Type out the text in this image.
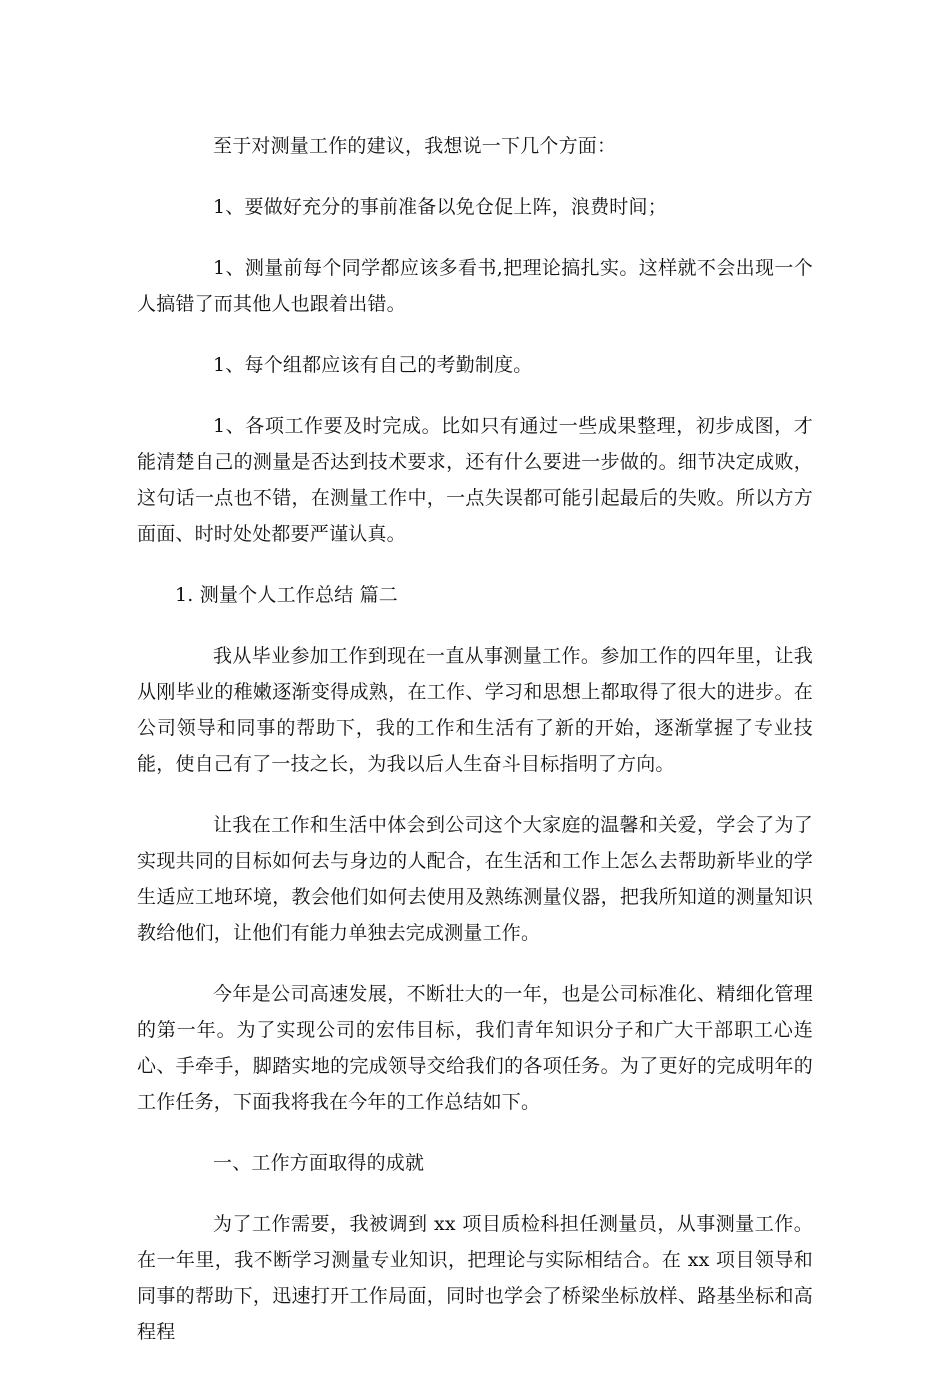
至于对测量工作的建议，我想说一下几个方面：

1、要做好充分的事前准备以免仓促上阵，浪费时间；

1、测量前每个同学都应该多看书,把理论搞扎实。这样就不会出现一个人搞错了而其他人也跟着出错。

1、每个组都应该有自己的考勤制度。

1、各项工作要及时完成。比如只有通过一些成果整理，初步成图，才能清楚自己的测量是否达到技术要求，还有什么要进一步做的。细节决定成败，这句话一点也不错，在测量工作中，一点失误都可能引起最后的失败。所以方方面面、时时处处都要严谨认真。

1. 测量个人工作总结 篇二

我从毕业参加工作到现在一直从事测量工作。参加工作的四年里，让我从刚毕业的稚嫩逐渐变得成熟，在工作、学习和思想上都取得了很大的进步。在公司领导和同事的帮助下，我的工作和生活有了新的开始，逐渐掌握了专业技能，使自己有了一技之长，为我以后人生奋斗目标指明了方向。

让我在工作和生活中体会到公司这个大家庭的温馨和关爱，学会了为了实现共同的目标如何去与身边的人配合，在生活和工作上怎么去帮助新毕业的学生适应工地环境，教会他们如何去使用及熟练测量仪器，把我所知道的测量知识教给他们，让他们有能力单独去完成测量工作。

今年是公司高速发展，不断壮大的一年，也是公司标准化、精细化管理的第一年。为了实现公司的宏伟目标，我们青年知识分子和广大干部职工心连心、手牵手，脚踏实地的完成领导交给我们的各项任务。为了更好的完成明年的工作任务，下面我将我在今年的工作总结如下。

一、工作方面取得的成就

为了工作需要，我被调到 xx 项目质检科担任测量员，从事测量工作。在一年里，我不断学习测量专业知识，把理论与实际相结合。在 xx 项目领导和同事的帮助下，迅速打开工作局面，同时也学会了桥梁坐标放样、路基坐标和高程程
